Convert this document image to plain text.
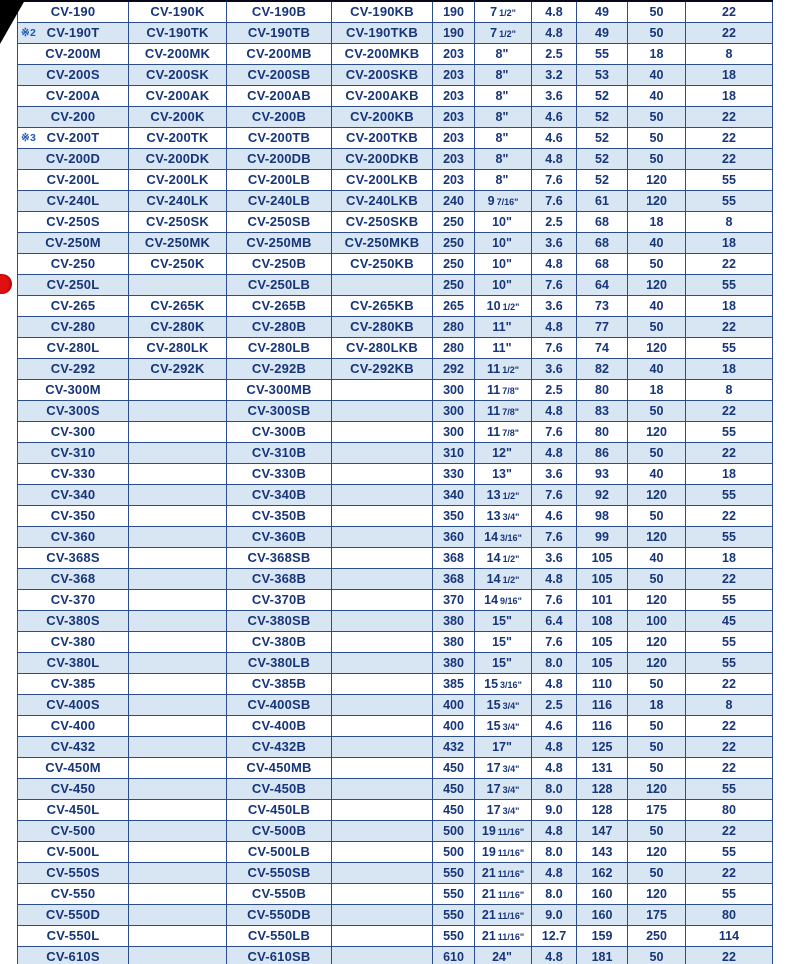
CV-190	CV-190K	CV-190B	CV-190KB	190	7 1/2"	4.8	49	50	22

※2 CV-190T	CV-190TK	CV-190TB	CV-190TKB	190	7 1/2"	4.8	49	50	22
CV-200M	CV-200MK	CV-200MB	CV-200MKB	203	8"	2.5	55	18	8
CV-200S	CV-200SK	CV-200SB	CV-200SKB	203	8"	3.2	53	40	18
CV-200A	CV-200AK	CV-200AB	CV-200AKB	203	8"	3.6	52	40	18
CV-200	CV-200K	CV-200B	CV-200KB	203	8"	4.6	52	50	22

※3 CV-200T	CV-200TK	CV-200TB	CV-200TKB	203	8"	4.6	52	50	22
CV-200D	CV-200DK	CV-200DB	CV-200DKB	203	8"	4.8	52	50	22
CV-200L	CV-200LK	CV-200LB	CV-200LKB	203	8"	7.6	52	120	55
CV-240L	CV-240LK	CV-240LB	CV-240LKB	240	9 7/16"	7.6	61	120	55
CV-250S	CV-250SK	CV-250SB	CV-250SKB	250	10"	2.5	68	18	8
CV-250M	CV-250MK	CV-250MB	CV-250MKB	250	10"	3.6	68	40	18
CV-250	CV-250K	CV-250B	CV-250KB	250	10"	4.8	68	50	22
CV-250L		CV-250LB		250	10"	7.6	64	120	55
CV-265	CV-265K	CV-265B	CV-265KB	265	10 1/2"	3.6	73	40	18
CV-280	CV-280K	CV-280B	CV-280KB	280	11"	4.8	77	50	22
CV-280L	CV-280LK	CV-280LB	CV-280LKB	280	11"	7.6	74	120	55
CV-292	CV-292K	CV-292B	CV-292KB	292	11 1/2"	3.6	82	40	18
CV-300M		CV-300MB		300	11 7/8"	2.5	80	18	8
CV-300S		CV-300SB		300	11 7/8"	4.8	83	50	22
CV-300		CV-300B		300	11 7/8"	7.6	80	120	55
CV-310		CV-310B		310	12"	4.8	86	50	22
CV-330		CV-330B		330	13"	3.6	93	40	18
CV-340		CV-340B		340	13 1/2"	7.6	92	120	55
CV-350		CV-350B		350	13 3/4"	4.6	98	50	22
CV-360		CV-360B		360	14 3/16"	7.6	99	120	55
CV-368S		CV-368SB		368	14 1/2"	3.6	105	40	18
CV-368		CV-368B		368	14 1/2"	4.8	105	50	22
CV-370		CV-370B		370	14 9/16"	7.6	101	120	55
CV-380S		CV-380SB		380	15"	6.4	108	100	45
CV-380		CV-380B		380	15"	7.6	105	120	55
CV-380L		CV-380LB		380	15"	8.0	105	120	55
CV-385		CV-385B		385	15 3/16"	4.8	110	50	22
CV-400S		CV-400SB		400	15 3/4"	2.5	116	18	8
CV-400		CV-400B		400	15 3/4"	4.6	116	50	22
CV-432		CV-432B		432	17"	4.8	125	50	22
CV-450M		CV-450MB		450	17 3/4"	4.8	131	50	22
CV-450		CV-450B		450	17 3/4"	8.0	128	120	55
CV-450L		CV-450LB		450	17 3/4"	9.0	128	175	80
CV-500		CV-500B		500	19 11/16"	4.8	147	50	22
CV-500L		CV-500LB		500	19 11/16"	8.0	143	120	55
CV-550S		CV-550SB		550	21 11/16"	4.8	162	50	22
CV-550		CV-550B		550	21 11/16"	8.0	160	120	55
CV-550D		CV-550DB		550	21 11/16"	9.0	160	175	80
CV-550L		CV-550LB		550	21 11/16"	12.7	159	250	114
CV-610S		CV-610SB		610	24"	4.8	181	50	22
